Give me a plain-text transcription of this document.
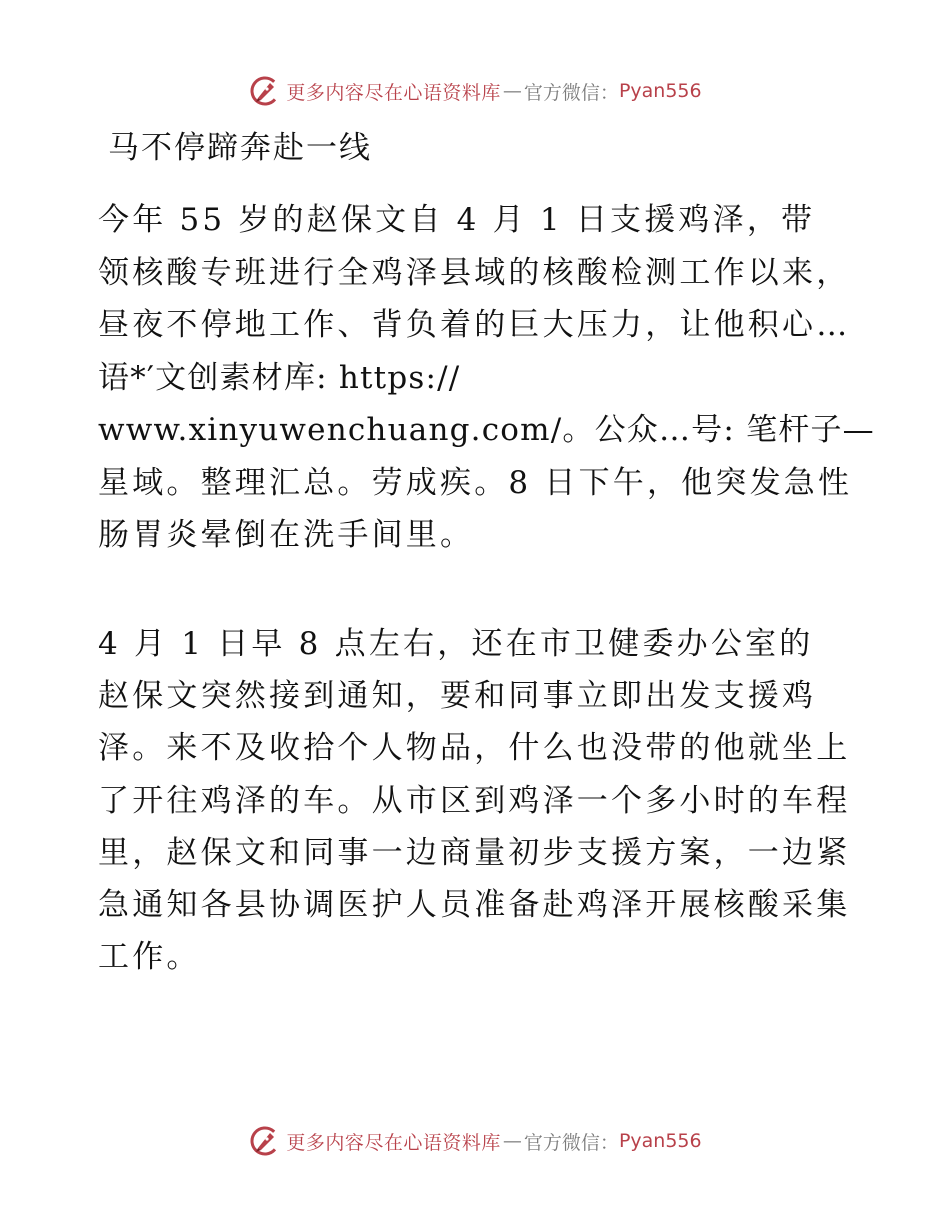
更多内容尽在心语资料库 — 官方微信： Pyan556
马不停蹄奔赴一线
今年 55 岁的赵保文自 4 月 1 日支援鸡泽，带
领核酸专班进行全鸡泽县域的核酸检测工作以来，
昼夜不停地工作、背负着的巨大压力，让他积心…
语*′文创素材库: https://
www.xinyuwenchuang.com/。公众…号: 笔杆子—
星域。整理汇总。劳成疾。8 日下午，他突发急性
肠胃炎晕倒在洗手间里。
4 月 1 日早 8 点左右，还在市卫健委办公室的
赵保文突然接到通知，要和同事立即出发支援鸡
泽。来不及收拾个人物品，什么也没带的他就坐上
了开往鸡泽的车。从市区到鸡泽一个多小时的车程
里，赵保文和同事一边商量初步支援方案，一边紧
急通知各县协调医护人员准备赴鸡泽开展核酸采集
工作。
更多内容尽在心语资料库 — 官方微信： Pyan556
